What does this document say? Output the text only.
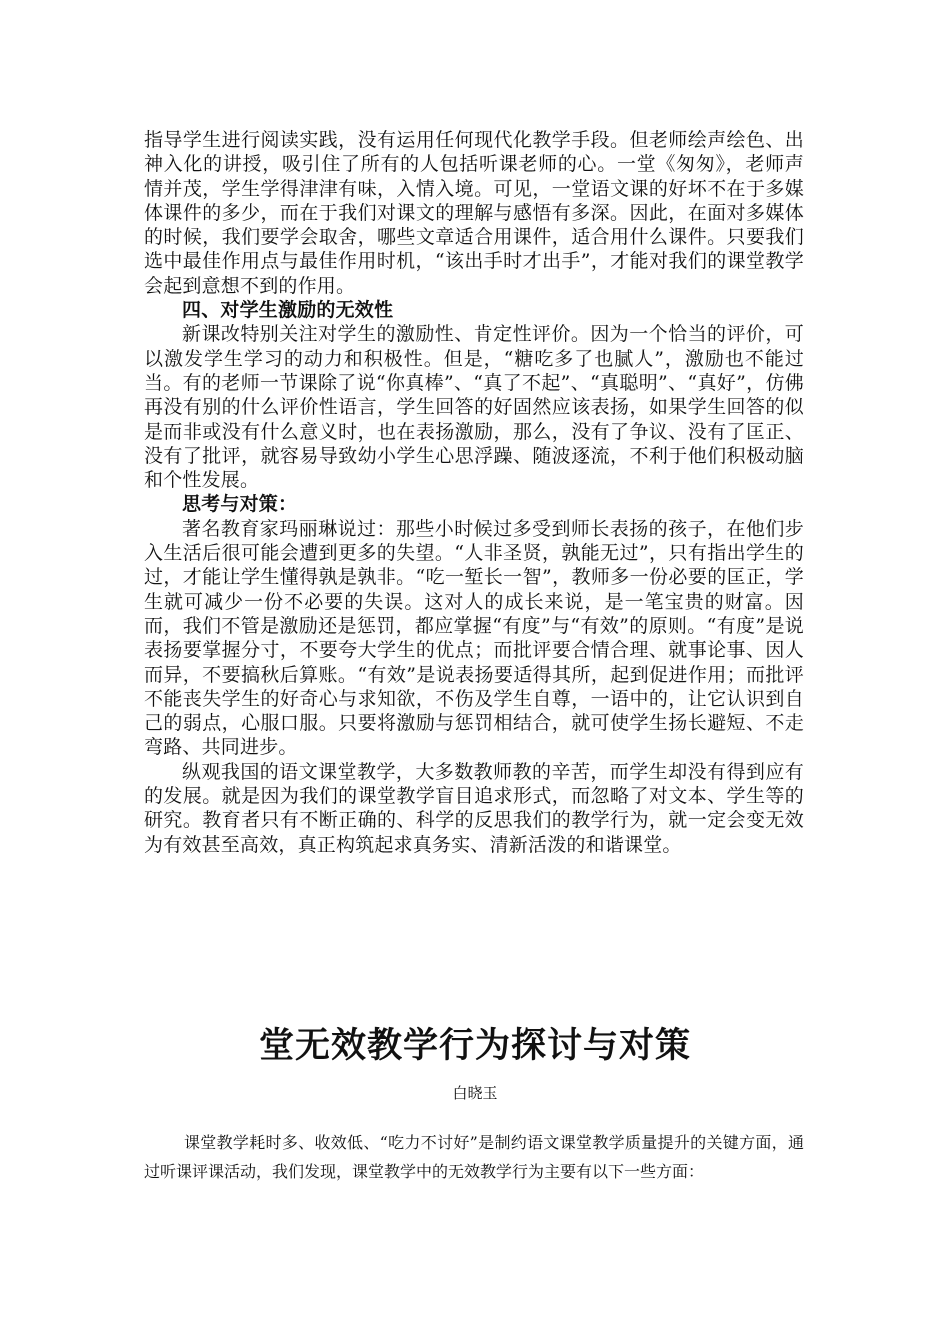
指导学生进行阅读实践，没有运用任何现代化教学手段。但老师绘声绘色、出神入化的讲授，吸引住了所有的人包括听课老师的心。一堂《匆匆》，老师声情并茂，学生学得津津有味，入情入境。可见，一堂语文课的好坏不在于多媒体课件的多少，而在于我们对课文的理解与感悟有多深。因此，在面对多媒体的时候，我们要学会取舍，哪些文章适合用课件，适合用什么课件。只要我们选中最佳作用点与最佳作用时机，“该出手时才出手”，才能对我们的课堂教学会起到意想不到的作用。

四、对学生激励的无效性

新课改特别关注对学生的激励性、肯定性评价。因为一个恰当的评价，可以激发学生学习的动力和积极性。但是，“糖吃多了也腻人”，激励也不能过当。有的老师一节课除了说“你真棒”、“真了不起”、“真聪明”、“真好”，仿佛再没有别的什么评价性语言，学生回答的好固然应该表扬，如果学生回答的似是而非或没有什么意义时，也在表扬激励，那么，没有了争议、没有了匡正、没有了批评，就容易导致幼小学生心思浮躁、随波逐流，不利于他们积极动脑和个性发展。

思考与对策：

著名教育家玛丽琳说过：那些小时候过多受到师长表扬的孩子，在他们步入生活后很可能会遭到更多的失望。“人非圣贤，孰能无过”，只有指出学生的过，才能让学生懂得孰是孰非。“吃一堑长一智”，教师多一份必要的匡正，学生就可减少一份不必要的失误。这对人的成长来说，是一笔宝贵的财富。因而，我们不管是激励还是惩罚，都应掌握“有度”与“有效”的原则。“有度”是说表扬要掌握分寸，不要夸大学生的优点；而批评要合情合理、就事论事、因人而异，不要搞秋后算账。“有效”是说表扬要适得其所，起到促进作用；而批评不能丧失学生的好奇心与求知欲，不伤及学生自尊，一语中的，让它认识到自己的弱点，心服口服。只要将激励与惩罚相结合，就可使学生扬长避短、不走弯路、共同进步。

纵观我国的语文课堂教学，大多数教师教的辛苦，而学生却没有得到应有的发展。就是因为我们的课堂教学盲目追求形式，而忽略了对文本、学生等的研究。教育者只有不断正确的、科学的反思我们的教学行为，就一定会变无效为有效甚至高效，真正构筑起求真务实、清新活泼的和谐课堂。

堂无效教学行为探讨与对策
白晓玉

课堂教学耗时多、收效低、“吃力不讨好”是制约语文课堂教学质量提升的关键方面，通过听课评课活动，我们发现，课堂教学中的无效教学行为主要有以下一些方面：
